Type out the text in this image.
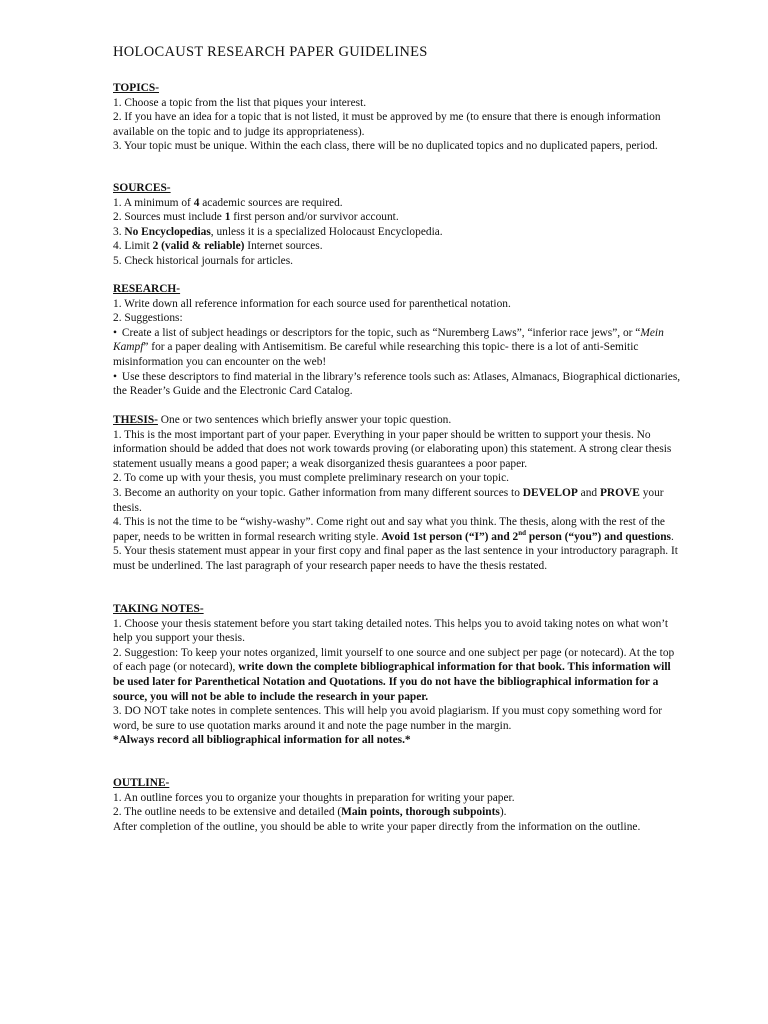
HOLOCAUST RESEARCH PAPER GUIDELINES

TOPICS-

1. Choose a topic from the list that piques your interest.

2. If you have an idea for a topic that is not listed, it must be approved by me (to ensure that there is enough information available on the topic and to judge its appropriateness).

3. Your topic must be unique. Within the each class, there will be no duplicated topics and no duplicated papers, period.

SOURCES-

1. A minimum of 4 academic sources are required.

2. Sources must include 1 first person and/or survivor account.

3. No Encyclopedias, unless it is a specialized Holocaust Encyclopedia.

4. Limit 2 (valid & reliable) Internet sources.

5. Check historical journals for articles.

RESEARCH-

1. Write down all reference information for each source used for parenthetical notation.

2. Suggestions:

• Create a list of subject headings or descriptors for the topic, such as “Nuremberg Laws”, “inferior race jews”, or “Mein Kampf” for a paper dealing with Antisemitism. Be careful while researching this topic- there is a lot of anti-Semitic misinformation you can encounter on the web!

• Use these descriptors to find material in the library’s reference tools such as: Atlases, Almanacs, Biographical dictionaries, the Reader’s Guide and the Electronic Card Catalog.

THESIS- One or two sentences which briefly answer your topic question.

1. This is the most important part of your paper. Everything in your paper should be written to support your thesis. No information should be added that does not work towards proving (or elaborating upon) this statement. A strong clear thesis statement usually means a good paper; a weak disorganized thesis guarantees a poor paper.

2. To come up with your thesis, you must complete preliminary research on your topic.

3. Become an authority on your topic. Gather information from many different sources to DEVELOP and PROVE your thesis.

4. This is not the time to be “wishy-washy”. Come right out and say what you think. The thesis, along with the rest of the paper, needs to be written in formal research writing style. Avoid 1st person (“I”) and 2nd person (“you”) and questions.

5. Your thesis statement must appear in your first copy and final paper as the last sentence in your introductory paragraph. It must be underlined. The last paragraph of your research paper needs to have the thesis restated.

TAKING NOTES-

1. Choose your thesis statement before you start taking detailed notes. This helps you to avoid taking notes on what won’t help you support your thesis.

2. Suggestion: To keep your notes organized, limit yourself to one source and one subject per page (or notecard). At the top of each page (or notecard), write down the complete bibliographical information for that book. This information will be used later for Parenthetical Notation and Quotations. If you do not have the bibliographical information for a source, you will not be able to include the research in your paper.

3. DO NOT take notes in complete sentences. This will help you avoid plagiarism. If you must copy something word for word, be sure to use quotation marks around it and note the page number in the margin.

*Always record all bibliographical information for all notes.*

OUTLINE-

1. An outline forces you to organize your thoughts in preparation for writing your paper.

2. The outline needs to be extensive and detailed (Main points, thorough subpoints).

After completion of the outline, you should be able to write your paper directly from the information on the outline.
